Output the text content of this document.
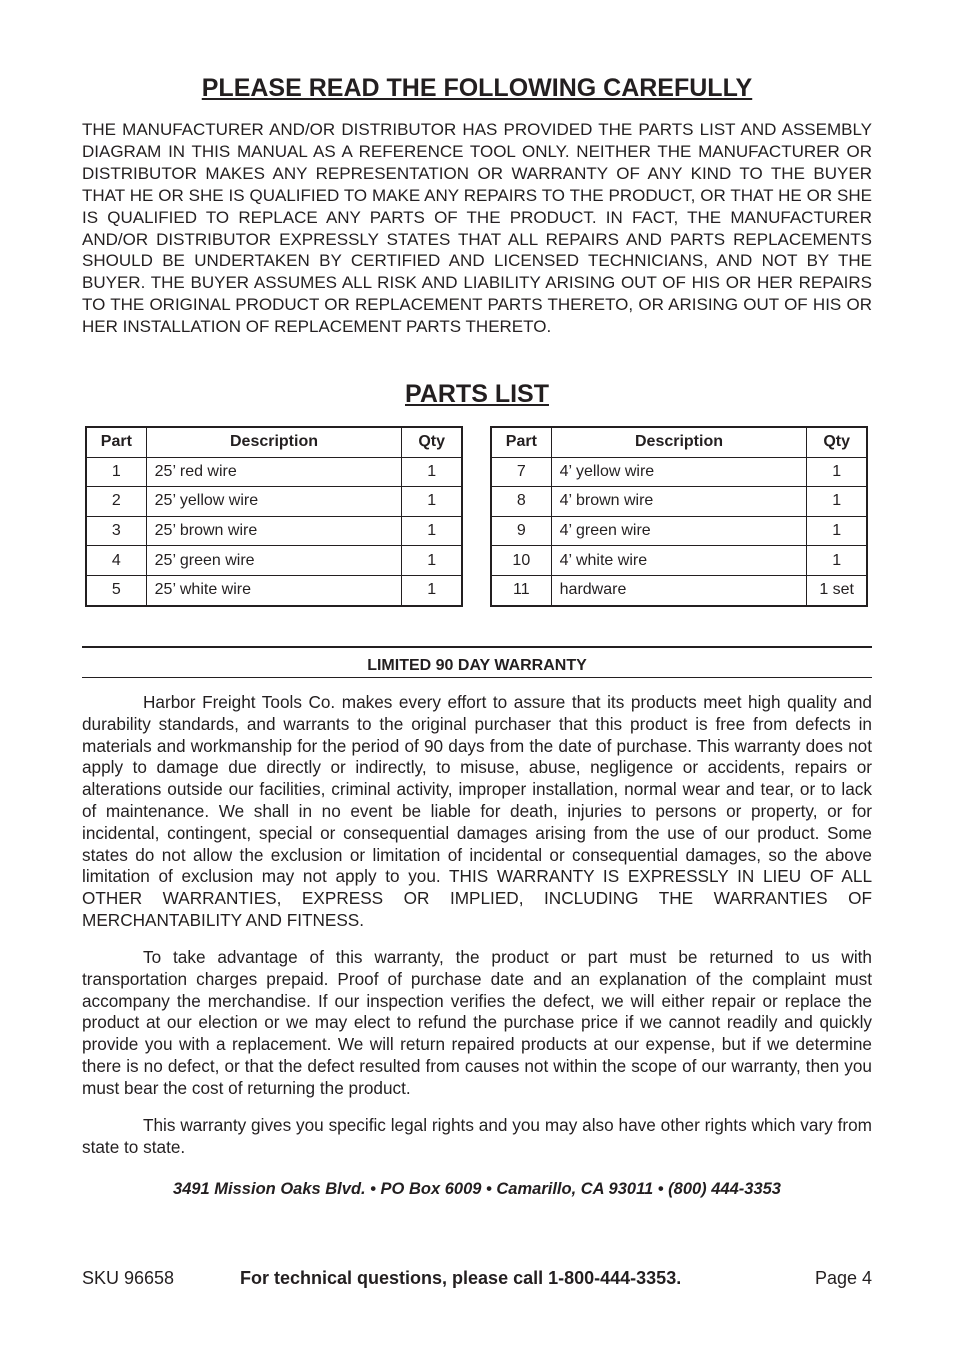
PLEASE READ THE FOLLOWING CAREFULLY

THE MANUFACTURER AND/OR DISTRIBUTOR HAS PROVIDED THE PARTS LIST AND ASSEMBLY DIAGRAM IN THIS MANUAL AS A REFERENCE TOOL ONLY. NEITHER THE MANUFACTURER OR DISTRIBUTOR MAKES ANY REPRESENTATION OR WARRANTY OF ANY KIND TO THE BUYER THAT HE OR SHE IS QUALIFIED TO MAKE ANY REPAIRS TO THE PRODUCT, OR THAT HE OR SHE IS QUALIFIED TO REPLACE ANY PARTS OF THE PRODUCT. IN FACT, THE MANUFACTURER AND/OR DISTRIBUTOR EXPRESSLY STATES THAT ALL REPAIRS AND PARTS REPLACEMENTS SHOULD BE UNDERTAKEN BY CERTIFIED AND LICENSED TECHNICIANS, AND NOT BY THE BUYER. THE BUYER ASSUMES ALL RISK AND LIABILITY ARISING OUT OF HIS OR HER REPAIRS TO THE ORIGINAL PRODUCT OR REPLACEMENT PARTS THERETO, OR ARISING OUT OF HIS OR HER INSTALLATION OF REPLACEMENT PARTS THERETO.

PARTS LIST
Part	Description	Qty
1	25’ red wire	1
2	25’ yellow wire	1
3	25’ brown wire	1
4	25’ green wire	1
5	25’ white wire	1
Part	Description	Qty
7	4’ yellow wire	1
8	4’ brown wire	1
9	4’ green wire	1
10	4’ white wire	1
11	hardware	1 set
LIMITED 90 DAY WARRANTY

Harbor Freight Tools Co. makes every effort to assure that its products meet high quality and durability standards, and warrants to the original purchaser that this product is free from defects in materials and workmanship for the period of 90 days from the date of purchase. This warranty does not apply to damage due directly or indirectly, to misuse, abuse, negligence or accidents, repairs or alterations outside our facilities, criminal activity, improper installation, normal wear and tear, or to lack of maintenance. We shall in no event be liable for death, injuries to persons or property, or for incidental, contingent, special or consequential damages arising from the use of our product. Some states do not allow the exclusion or limitation of incidental or consequential damages, so the above limitation of exclusion may not apply to you. THIS WARRANTY IS EXPRESSLY IN LIEU OF ALL OTHER WARRANTIES, EXPRESS OR IMPLIED, INCLUDING THE WARRANTIES OF MERCHANTABILITY AND FITNESS.

To take advantage of this warranty, the product or part must be returned to us with transportation charges prepaid. Proof of purchase date and an explanation of the complaint must accompany the merchandise. If our inspection verifies the defect, we will either repair or replace the product at our election or we may elect to refund the purchase price if we cannot readily and quickly provide you with a replacement. We will return repaired products at our expense, but if we determine there is no defect, or that the defect resulted from causes not within the scope of our warranty, then you must bear the cost of returning the product.

This warranty gives you specific legal rights and you may also have other rights which vary from state to state.

3491 Mission Oaks Blvd. • PO Box 6009 • Camarillo, CA 93011 • (800) 444-3353
SKU 96658	For technical questions, please call 1-800-444-3353.	Page 4
